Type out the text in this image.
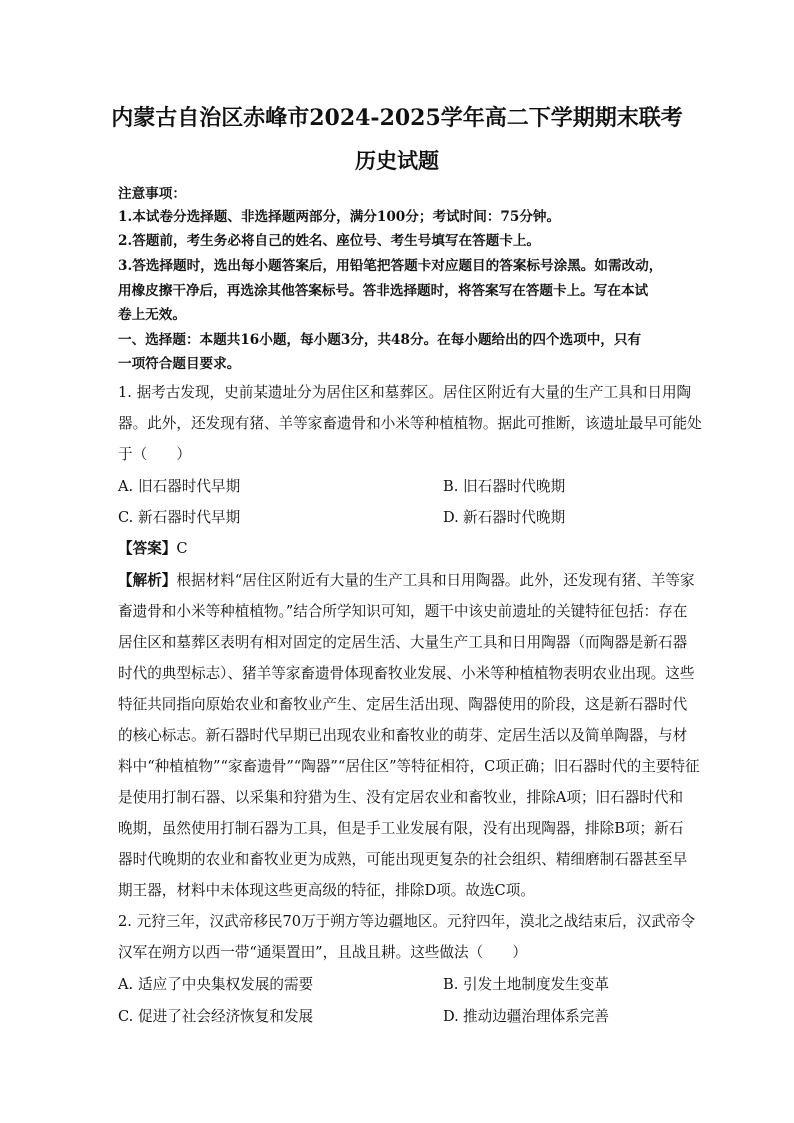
内蒙古自治区赤峰市2024-2025学年高二下学期期末联考
历史试题
注意事项：
1.本试卷分选择题、非选择题两部分，满分100分；考试时间：75分钟。
2.答题前，考生务必将自己的姓名、座位号、考生号填写在答题卡上。
3.答选择题时，选出每小题答案后，用铅笔把答题卡对应题目的答案标号涂黑。如需改动，
用橡皮擦干净后，再选涂其他答案标号。答非选择题时，将答案写在答题卡上。写在本试
卷上无效。
一、选择题：本题共16小题，每小题3分，共48分。在每小题给出的四个选项中，只有
一项符合题目要求。
1. 据考古发现，史前某遗址分为居住区和墓葬区。居住区附近有大量的生产工具和日用陶
器。此外，还发现有猪、羊等家畜遗骨和小米等种植植物。据此可推断，该遗址最早可能处
于（　　）
A. 旧石器时代早期	B. 旧石器时代晚期
C. 新石器时代早期	D. 新石器时代晚期
【答案】C
【解析】根据材料“居住区附近有大量的生产工具和日用陶器。此外，还发现有猪、羊等家
畜遗骨和小米等种植植物。”结合所学知识可知，题干中该史前遗址的关键特征包括：存在
居住区和墓葬区表明有相对固定的定居生活、大量生产工具和日用陶器（而陶器是新石器
时代的典型标志）、猪羊等家畜遗骨体现畜牧业发展、小米等种植植物表明农业出现。这些
特征共同指向原始农业和畜牧业产生、定居生活出现、陶器使用的阶段，这是新石器时代
的核心标志。新石器时代早期已出现农业和畜牧业的萌芽、定居生活以及简单陶器，与材
料中“种植植物”“家畜遗骨”“陶器”“居住区”等特征相符，C项正确；旧石器时代的主要特征
是使用打制石器、以采集和狩猎为生、没有定居农业和畜牧业，排除A项；旧石器时代和
晚期，虽然使用打制石器为工具，但是手工业发展有限，没有出现陶器，排除B项；新石
器时代晚期的农业和畜牧业更为成熟，可能出现更复杂的社会组织、精细磨制石器甚至早
期王器，材料中未体现这些更高级的特征，排除D项。故选C项。
2. 元狩三年，汉武帝移民70万于朔方等边疆地区。元狩四年，漠北之战结束后，汉武帝令
汉军在朔方以西一带“通渠置田”，且战且耕。这些做法（　　）
A. 适应了中央集权发展的需要	B. 引发土地制度发生变革
C. 促进了社会经济恢复和发展	D. 推动边疆治理体系完善
